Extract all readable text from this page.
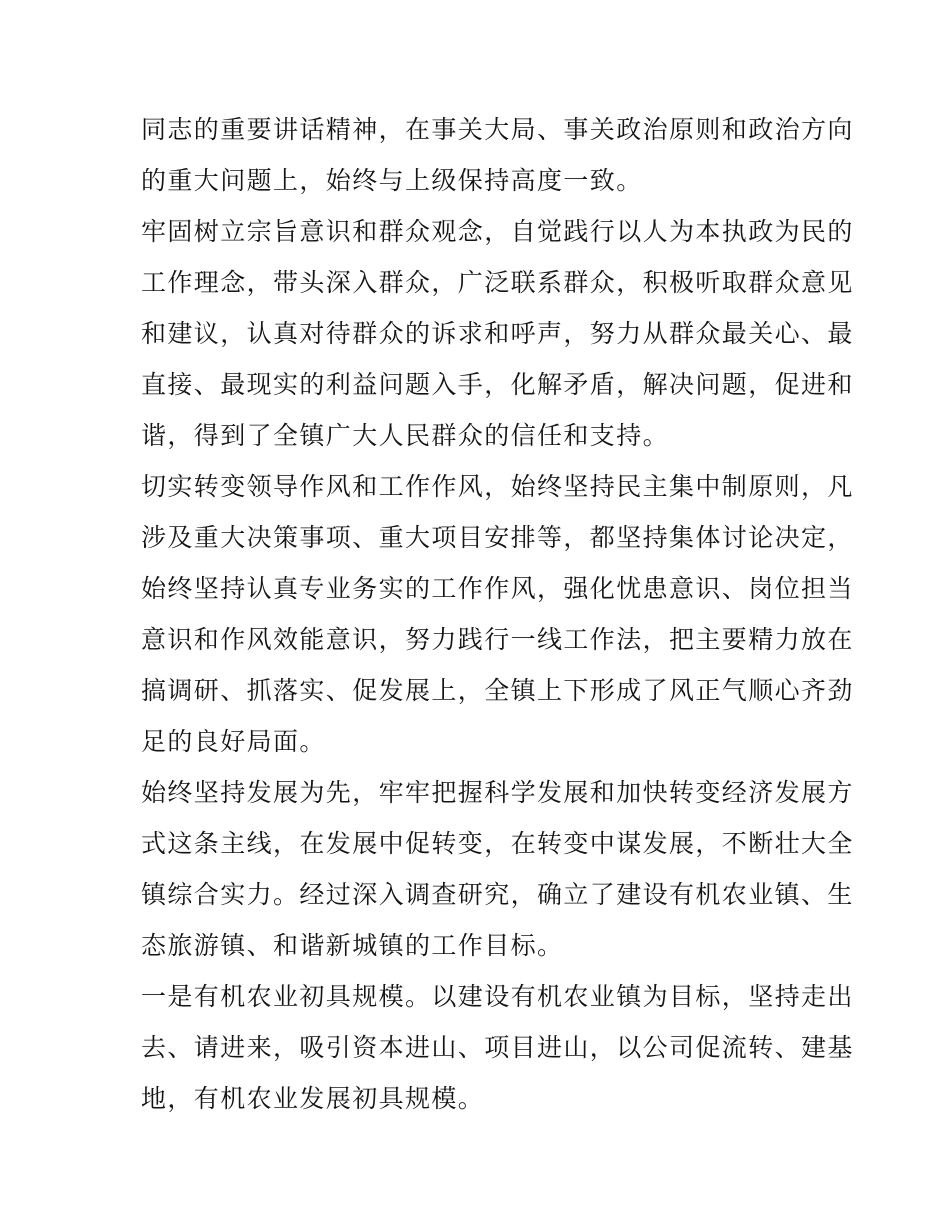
同志的重要讲话精神，在事关大局、事关政治原则和政治方向
的重大问题上，始终与上级保持高度一致。
牢固树立宗旨意识和群众观念，自觉践行以人为本执政为民的
工作理念，带头深入群众，广泛联系群众，积极听取群众意见
和建议，认真对待群众的诉求和呼声，努力从群众最关心、最
直接、最现实的利益问题入手，化解矛盾，解决问题，促进和
谐，得到了全镇广大人民群众的信任和支持。
切实转变领导作风和工作作风，始终坚持民主集中制原则，凡
涉及重大决策事项、重大项目安排等，都坚持集体讨论决定，
始终坚持认真专业务实的工作作风，强化忧患意识、岗位担当
意识和作风效能意识，努力践行一线工作法，把主要精力放在
搞调研、抓落实、促发展上，全镇上下形成了风正气顺心齐劲
足的良好局面。
始终坚持发展为先，牢牢把握科学发展和加快转变经济发展方
式这条主线，在发展中促转变，在转变中谋发展，不断壮大全
镇综合实力。经过深入调查研究，确立了建设有机农业镇、生
态旅游镇、和谐新城镇的工作目标。
一是有机农业初具规模。以建设有机农业镇为目标，坚持走出
去、请进来，吸引资本进山、项目进山，以公司促流转、建基
地，有机农业发展初具规模。
